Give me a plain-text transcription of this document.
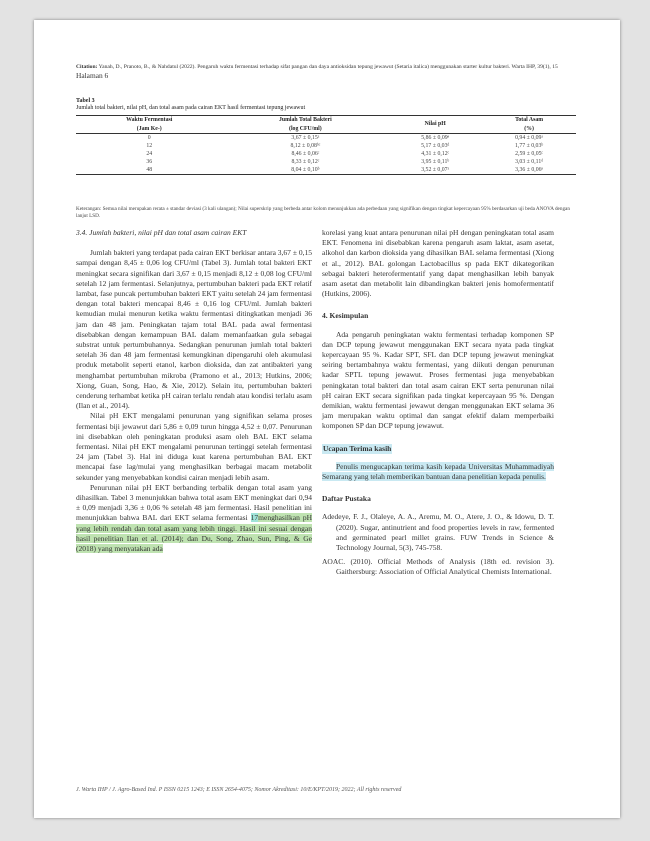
Citation: Yanah, D., Pranoto, B., & Nahdatul (2022). Pengaruh waktu fermentasi terhadap sifat pangan dan daya antioksidan tepung jewawut (Setaria italica) menggunakan starter kultur bakteri. Warta IHP, 39(1), 15
Halaman 6
Tabel 3
Jumlah total bakteri, nilai pH, dan total asam pada cairan EKT hasil fermentasi tepung jewawut
Waktu Fermentasi	Jumlah Total Bakteri	Nilai pH	Total Asam
(Jam Ke-)	(log CFU/ml)		(%)
0	3,67 ± 0,15ᵃ	5,86 ± 0,09ᵉ	0,94 ± 0,09ᵃ
12	8,12 ± 0,08ᵇᶜ	5,17 ± 0,03ᵈ	1,77 ± 0,03ᵇ
24	8,46 ± 0,06ᶜ	4,31 ± 0,12ᶜ	2,59 ± 0,05ᶜ
36	8,33 ± 0,12ᶜ	3,95 ± 0,11ᵇ	3,03 ± 0,11ᵈ
48	8,04 ± 0,10ᵇ	3,52 ± 0,07ᵃ	3,36 ± 0,06ᵉ
Keterangan: Semua nilai merupakan rerata ± standar deviasi (3 kali ulangan); Nilai superskrip yang berbeda antar kolom menunjukkan ada perbedaan yang signifikan dengan tingkat kepercayaan 95% berdasarkan uji beda ANOVA dengan lanjut LSD.

3.4. Jumlah bakteri, nilai pH dan total asam cairan EKT

Jumlah bakteri yang terdapat pada cairan EKT berkisar antara 3,67 ± 0,15 sampai dengan 8,45 ± 0,06 log CFU/ml (Tabel 3). Jumlah total bakteri EKT meningkat secara signifikan dari 3,67 ± 0,15 menjadi 8,12 ± 0,08 log CFU/ml setelah 12 jam fermentasi. Selanjutnya, pertumbuhan bakteri pada EKT relatif lambat, fase puncak pertumbuhan bakteri EKT yaitu setelah 24 jam fermentasi dengan total bakteri mencapai 8,46 ± 0,16 log CFU/ml. Jumlah bakteri kemudian mulai menurun ketika waktu fermentasi ditingkatkan menjadi 36 jam dan 48 jam. Peningkatan tajam total BAL pada awal fermentasi disebabkan dengan kemampuan BAL dalam memanfaatkan gula sebagai substrat untuk pertumbuhannya. Sedangkan penurunan jumlah total bakteri setelah 36 dan 48 jam fermentasi kemungkinan dipengaruhi oleh akumulasi produk metabolit seperti etanol, karbon dioksida, dan zat antibakteri yang menghambat pertumbuhan mikroba (Pramono et al., 2013; Hutkins, 2006; Xiong, Guan, Song, Hao, & Xie, 2012). Selain itu, pertumbuhan bakteri cenderung terhambat ketika pH cairan terlalu rendah atau kondisi terlalu asam (Ilan et al., 2014).

Nilai pH EKT mengalami penurunan yang signifikan selama proses fermentasi biji jewawut dari 5,86 ± 0,09 turun hingga 4,52 ± 0,07. Penurunan ini disebabkan oleh peningkatan produksi asam oleh BAL EKT selama fermentasi. Nilai pH EKT mengalami penurunan tertinggi setelah fermentasi 24 jam (Tabel 3). Hal ini diduga kuat karena pertumbuhan BAL EKT mencapai fase lag/mulai yang menghasilkan berbagai macam metabolit sekunder yang menyebabkan kondisi cairan menjadi lebih asam.

Penurunan nilai pH EKT berbanding terbalik dengan total asam yang dihasilkan. Tabel 3 menunjukkan bahwa total asam EKT meningkat dari 0,94 ± 0,09 menjadi 3,36 ± 0,06 % setelah 48 jam fermentasi. Hasil penelitian ini menunjukkan bahwa BAL dari EKT selama fermentasi 17menghasilkan pH yang lebih rendah dan total asam yang lebih tinggi. Hasil ini sesuai dengan hasil penelitian Ilan et al. (2014); dan Du, Song, Zhao, Sun, Ping, & Ge (2018) yang menyatakan ada

korelasi yang kuat antara penurunan nilai pH dengan peningkatan total asam EKT. Fenomena ini disebabkan karena pengaruh asam laktat, asam asetat, alkohol dan karbon dioksida yang dihasilkan BAL selama fermentasi (Xiong et al., 2012). BAL golongan Lactobacillus sp pada EKT dikategorikan sebagai bakteri heterofermentatif yang dapat menghasilkan lebih banyak asam asetat dan metabolit lain dibandingkan bakteri jenis homofermentatif (Hutkins, 2006).

4. Kesimpulan

Ada pengaruh peningkatan waktu fermentasi terhadap komponen SP dan DCP tepung jewawut menggunakan EKT secara nyata pada tingkat kepercayaan 95 %. Kadar SPT, SFL dan DCP tepung jewawut meningkat seiring bertambahnya waktu fermentasi, yang diikuti dengan penurunan kadar SPTL tepung jewawut. Proses fermentasi juga menyebabkan peningkatan total bakteri dan total asam cairan EKT serta penurunan nilai pH cairan EKT secara signifikan pada tingkat kepercayaan 95 %. Dengan demikian, waktu fermentasi jewawut dengan menggunakan EKT selama 36 jam merupakan waktu optimal dan sangat efektif dalam memperbaiki komponen SP dan DCP tepung jewawut.

Ucapan Terima kasih

Penulis mengucapkan terima kasih kepada Universitas Muhammadiyah Semarang yang telah memberikan bantuan dana penelitian kepada penulis.

Daftar Pustaka

Adedeye, F. J., Olaleye, A. A., Aremu, M. O., Atere, J. O., & Idowu, D. T. (2020). Sugar, antinutrient and food properties levels in raw, fermented and germinated pearl millet grains. FUW Trends in Science & Technology Journal, 5(3), 745-758.

AOAC. (2010). Official Methods of Analysis (18th ed. revision 3). Gaithersburg: Association of Official Analytical Chemists International.

J. Warta IHP / J. Agro-Based Ind. P ISSN 0215 1243; E ISSN 2654-4075; Nomor Akreditasi: 10/E/KPT/2019; 2022; All rights reserved
